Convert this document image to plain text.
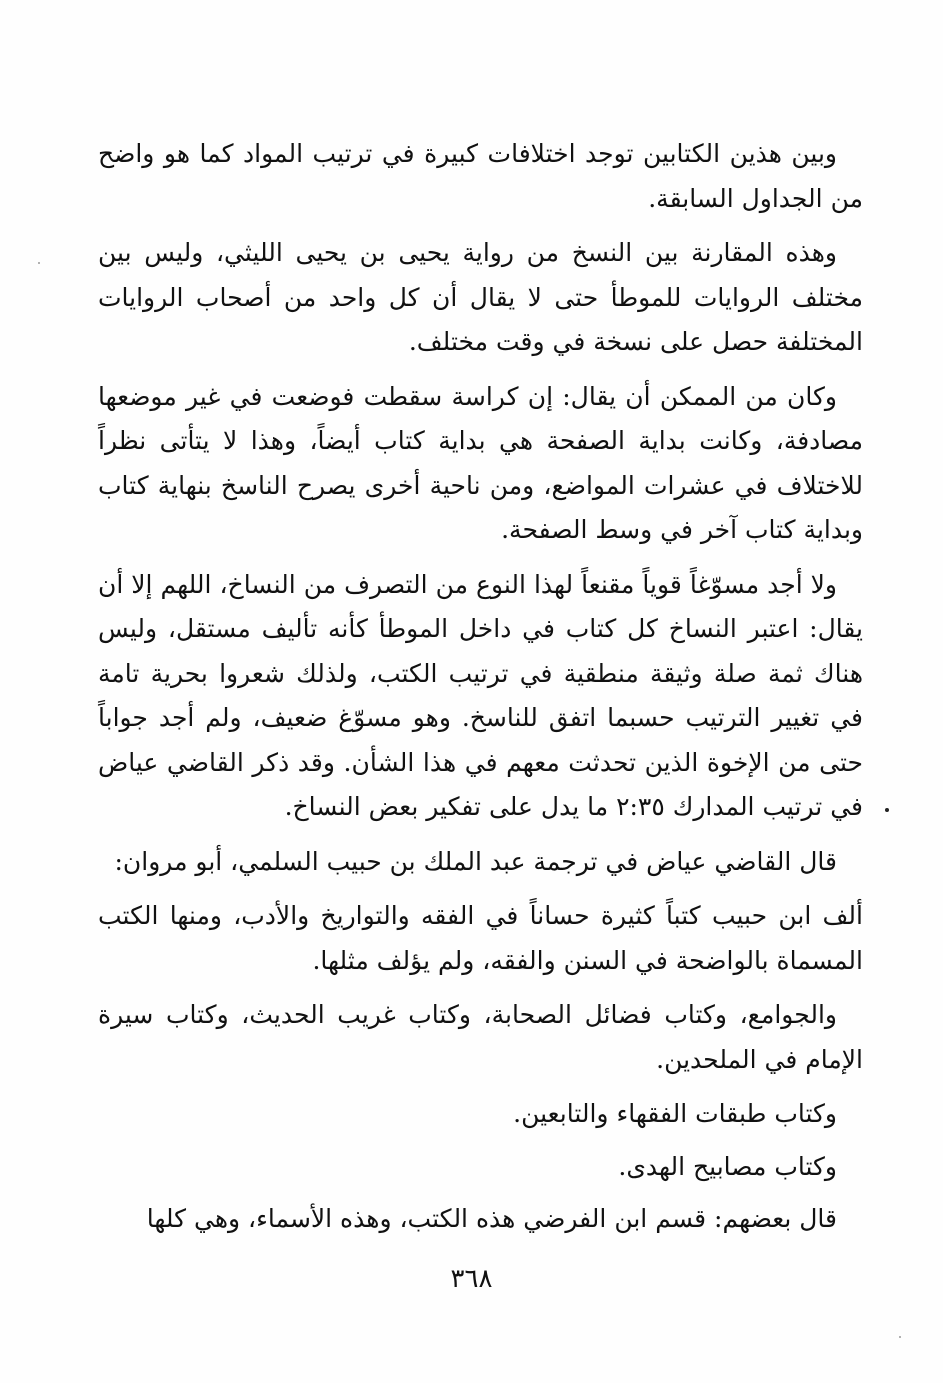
وبين هذين الكتابين توجد اختلافات كبيرة في ترتيب المواد كما هو واضح من الجداول السابقة.

وهذه المقارنة بين النسخ من رواية يحيى بن يحيى الليثي، وليس بين مختلف الروايات للموطأ حتى لا يقال أن كل واحد من أصحاب الروايات المختلفة حصل على نسخة في وقت مختلف.

وكان من الممكن أن يقال: إن كراسة سقطت فوضعت في غير موضعها مصادفة، وكانت بداية الصفحة هي بداية كتاب أيضاً، وهذا لا يتأتى نظراً للاختلاف في عشرات المواضع، ومن ناحية أخرى يصرح الناسخ بنهاية كتاب وبداية كتاب آخر في وسط الصفحة.

ولا أجد مسوّغاً قوياً مقنعاً لهذا النوع من التصرف من النساخ، اللهم إلا أن يقال: اعتبر النساخ كل كتاب في داخل الموطأ كأنه تأليف مستقل، وليس هناك ثمة صلة وثيقة منطقية في ترتيب الكتب، ولذلك شعروا بحرية تامة في تغيير الترتيب حسبما اتفق للناسخ. وهو مسوّغ ضعيف، ولم أجد جواباً حتى من الإخوة الذين تحدثت معهم في هذا الشأن. وقد ذكر القاضي عياض في ترتيب المدارك ٢:٣٥ ما يدل على تفكير بعض النساخ.

قال القاضي عياض في ترجمة عبد الملك بن حبيب السلمي، أبو مروان:

ألف ابن حبيب كتباً كثيرة حساناً في الفقه والتواريخ والأدب، ومنها الكتب المسماة بالواضحة في السنن والفقه، ولم يؤلف مثلها.

والجوامع، وكتاب فضائل الصحابة، وكتاب غريب الحديث، وكتاب سيرة الإمام في الملحدين.

وكتاب طبقات الفقهاء والتابعين.

وكتاب مصابيح الهدى.

قال بعضهم: قسم ابن الفرضي هذه الكتب، وهذه الأسماء، وهي كلها

٣٦٨
